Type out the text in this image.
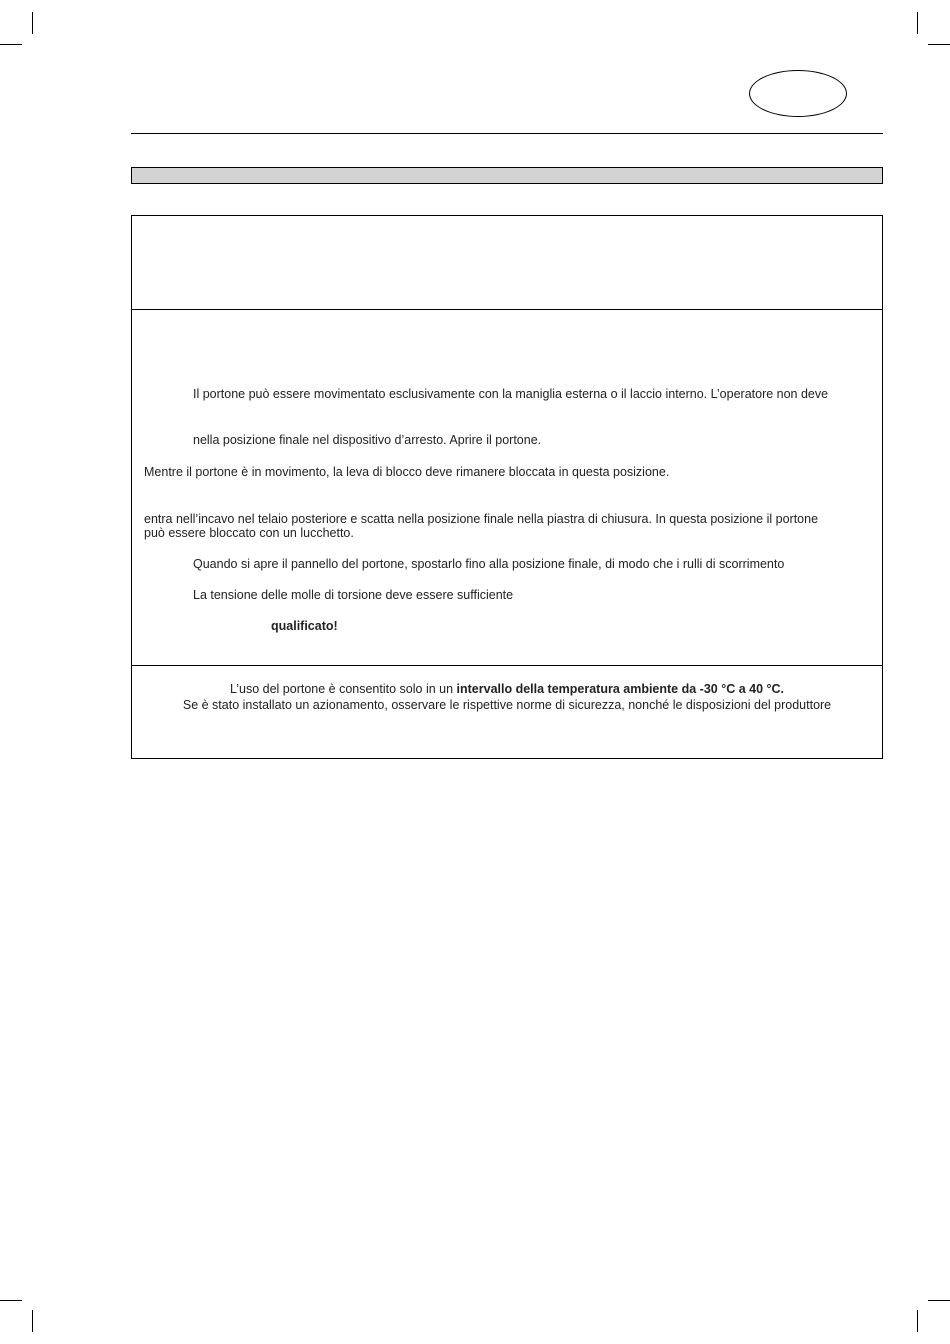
Il portone può essere movimentato esclusivamente con la maniglia esterna o il laccio interno. L’operatore non deve
nella posizione finale nel dispositivo d’arresto. Aprire il portone.
Mentre il portone è in movimento, la leva di blocco deve rimanere bloccata in questa posizione.
entra nell’incavo nel telaio posteriore e scatta nella posizione finale nella piastra di chiusura. In questa posizione il portone
può essere bloccato con un lucchetto.
Quando si apre il pannello del portone, spostarlo fino alla posizione finale, di modo che i rulli di scorrimento
La tensione delle molle di torsione deve essere sufficiente
qualificato!
L’uso del portone è consentito solo in un intervallo della temperatura ambiente da -30 °C a 40 °C.
Se è stato installato un azionamento, osservare le rispettive norme di sicurezza, nonché le disposizioni del produttore
